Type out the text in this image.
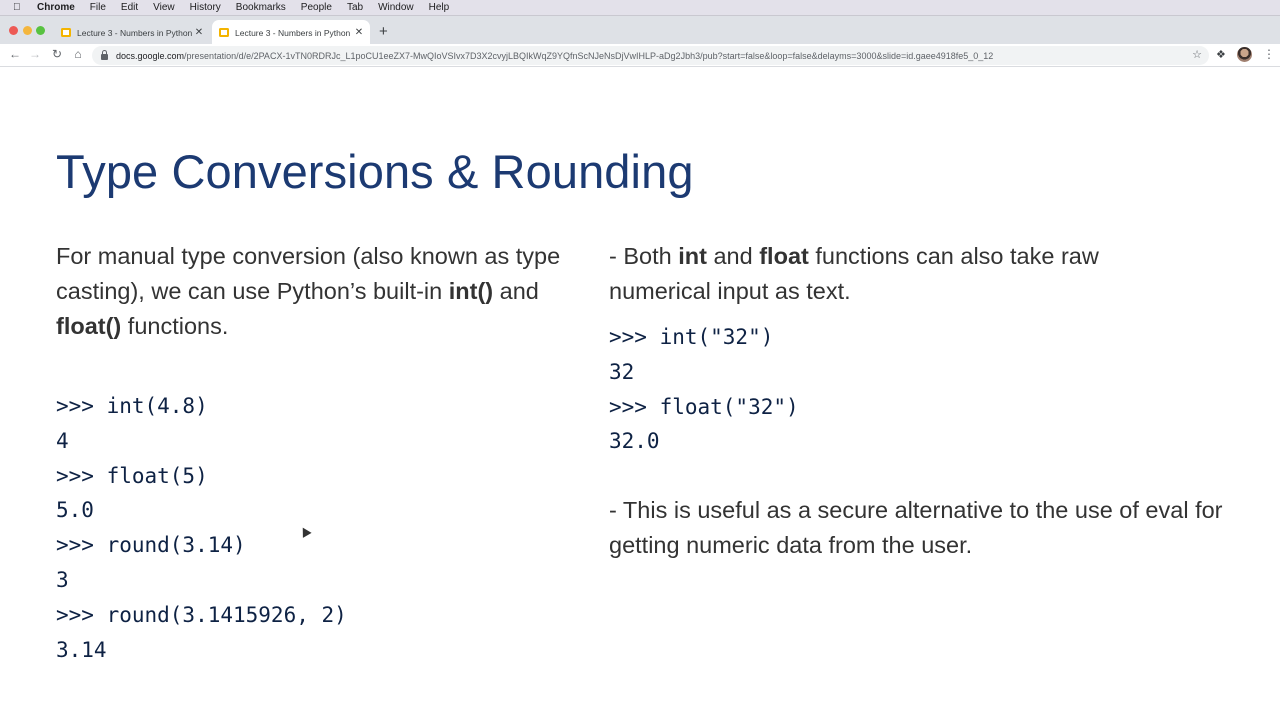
Chrome File Edit View History Bookmarks People Tab Window Help
Lecture 3 - Numbers in Python ✕	Lecture 3 - Numbers in Python ✕ +
← → ↻	⌂	docs.google.com/presentation/d/e/2PACX-1vTN0RDRJc_L1poCU1eeZX7-MwQIoVSIvx7D3X2cvyjLBQIkWqZ9YQfnScNJeNsDjVwIHLP-aDg2Jbh3/pub?start=false&loop=false&delayms=3000&slide=id.gaee4918fe5_0_12	☆ ❖	⋮
Type Conversions & Rounding
For manual type conversion (also known as type casting), we can use Python’s built-in int() and float() functions.
>>> int(4.8)
4
>>> float(5)
5.0
>>> round(3.14)
3
>>> round(3.1415926, 2)
3.14
- Both int and float functions can also take raw numerical input as text.
>>> int("32")
32
>>> float("32")
32.0
- This is useful as a secure alternative to the use of eval for getting numeric data from the user.
